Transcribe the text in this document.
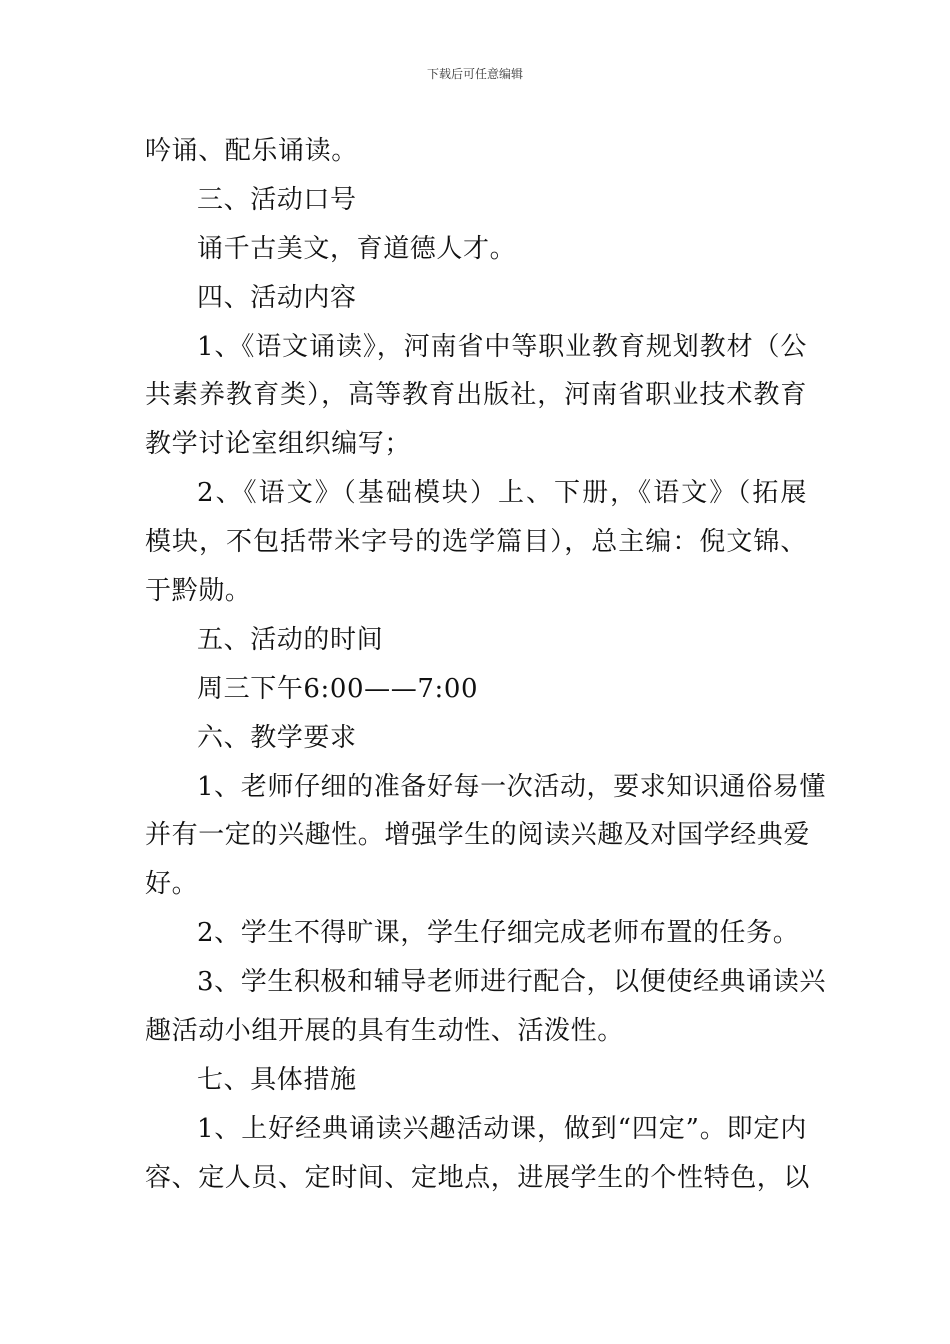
下载后可任意编辑
吟诵、配乐诵读。
三、活动口号
诵千古美文，育道德人才。
四、活动内容
1、《语文诵读》，河南省中等职业教育规划教材（公
共素养教育类），高等教育出版社，河南省职业技术教育
教学讨论室组织编写；
2、《语文》（基础模块）上、下册，《语文》（拓展
模块，不包括带米字号的选学篇目），总主编：倪文锦、
于黔勋。
五、活动的时间
周三下午6:00——7:00
六、教学要求
1、老师仔细的准备好每一次活动，要求知识通俗易懂
并有一定的兴趣性。增强学生的阅读兴趣及对国学经典爱
好。
2、学生不得旷课，学生仔细完成老师布置的任务。
3、学生积极和辅导老师进行配合，以便使经典诵读兴
趣活动小组开展的具有生动性、活泼性。
七、具体措施
1、上好经典诵读兴趣活动课，做到“四定”。即定内
容、定人员、定时间、定地点，进展学生的个性特色，以
